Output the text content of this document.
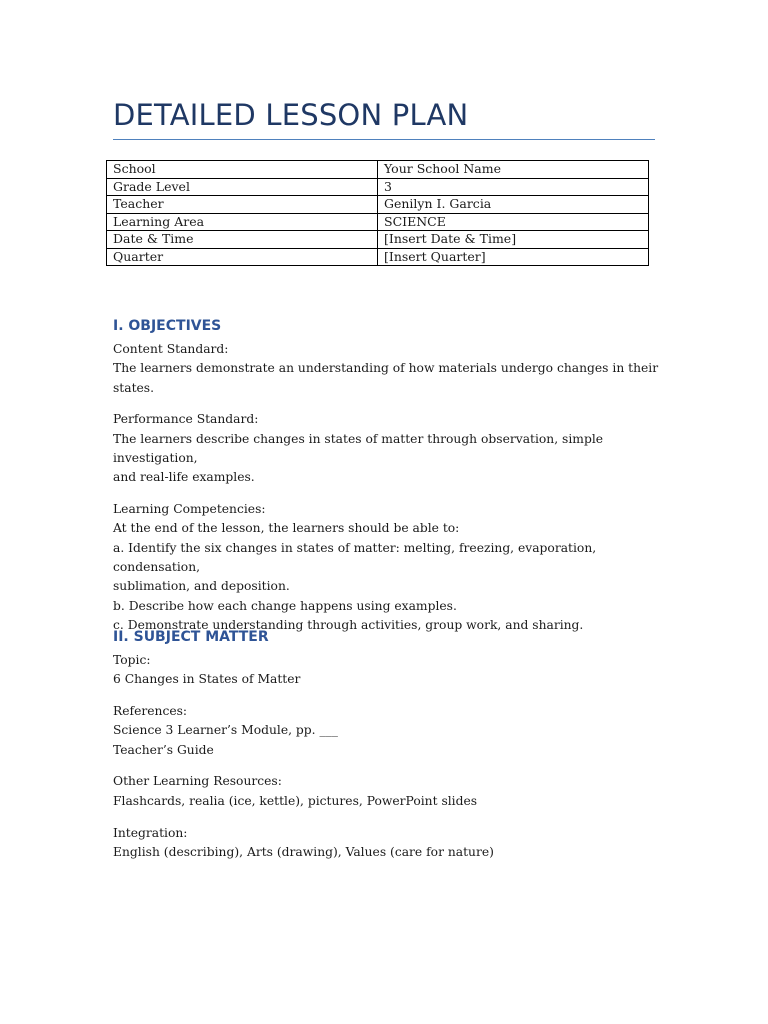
DETAILED LESSON PLAN
School	Your School Name
Grade Level	3
Teacher	Genilyn I. Garcia
Learning Area	SCIENCE
Date & Time	[Insert Date & Time]
Quarter	[Insert Quarter]
I. OBJECTIVES

Content Standard:
The learners demonstrate an understanding of how materials undergo changes in their
states.

Performance Standard:
The learners describe changes in states of matter through observation, simple investigation,
and real-life examples.

Learning Competencies:
At the end of the lesson, the learners should be able to:
a. Identify the six changes in states of matter: melting, freezing, evaporation, condensation,
sublimation, and deposition.
b. Describe how each change happens using examples.
c. Demonstrate understanding through activities, group work, and sharing.

II. SUBJECT MATTER

Topic:
6 Changes in States of Matter

References:
Science 3 Learner’s Module, pp. ___
Teacher’s Guide

Other Learning Resources:
Flashcards, realia (ice, kettle), pictures, PowerPoint slides

Integration:
English (describing), Arts (drawing), Values (care for nature)
